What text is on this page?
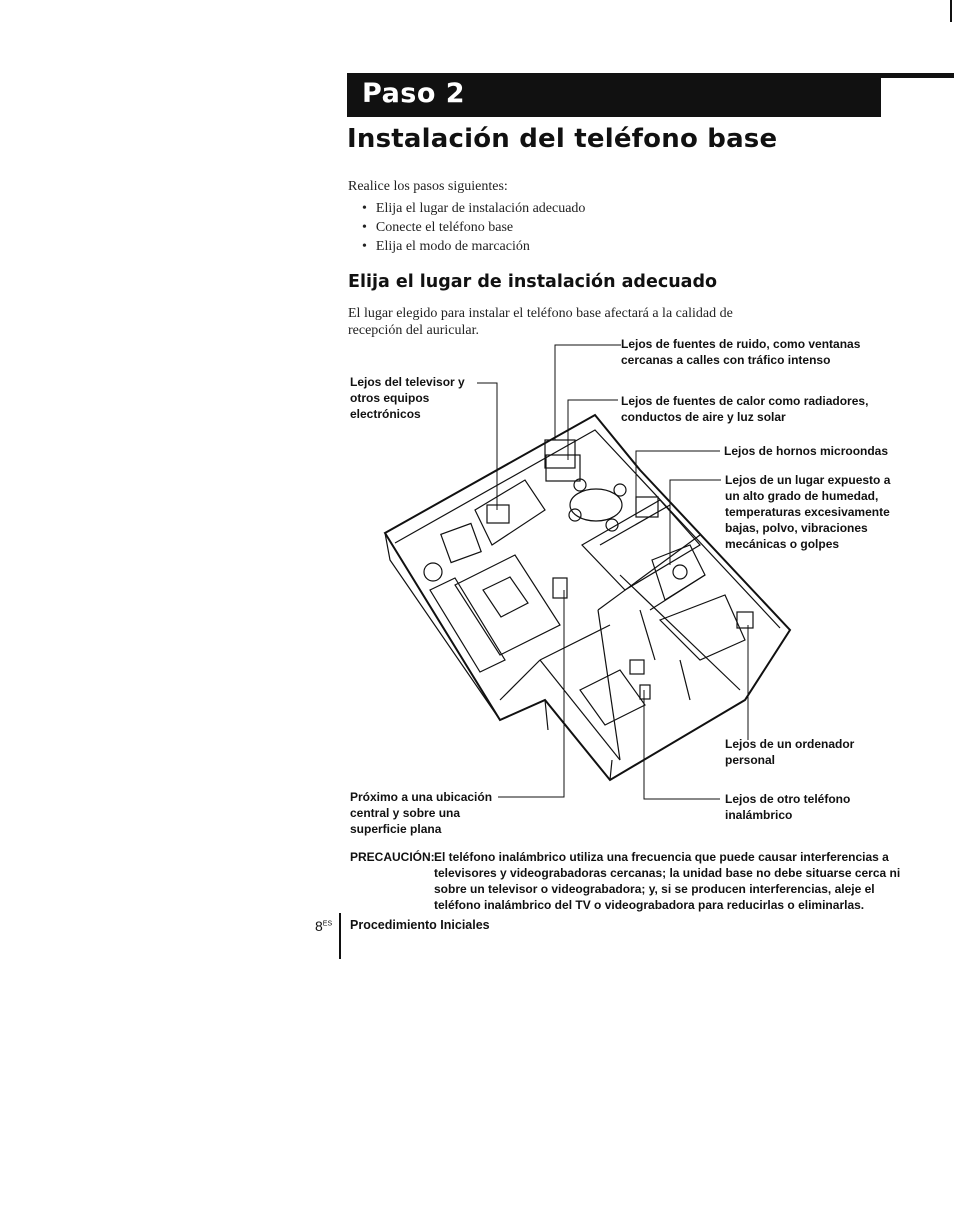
Paso 2
Instalación del teléfono base
Realice los pasos siguientes:
• Elija el lugar de instalación adecuado
• Conecte el teléfono base
• Elija el modo de marcación
Elija el lugar de instalación adecuado
El lugar elegido para instalar el teléfono base afectará a la calidad de recepción del auricular.
Lejos de fuentes de ruido, como ventanas
cercanas a calles con tráfico intenso
Lejos del televisor y
otros equipos
electrónicos
Lejos de fuentes de calor como radiadores,
conductos de aire y luz solar
Lejos de hornos microondas
Lejos de un lugar expuesto a
un alto grado de humedad,
temperaturas excesivamente
bajas, polvo, vibraciones
mecánicas o golpes
Lejos de un ordenador
personal
Próximo a una ubicación
central y sobre una
superficie plana
Lejos de otro teléfono
inalámbrico
PRECAUCIÓN: El teléfono inalámbrico utiliza una frecuencia que puede causar interferencias a televisores y videograbadoras cercanas; la unidad base no debe situarse cerca ni sobre un televisor o videograbadora; y, si se producen interferencias, aleje el teléfono inalámbrico del TV o videograbadora para reducirlas o eliminarlas.
$8^{ES}$ Procedimiento Iniciales
